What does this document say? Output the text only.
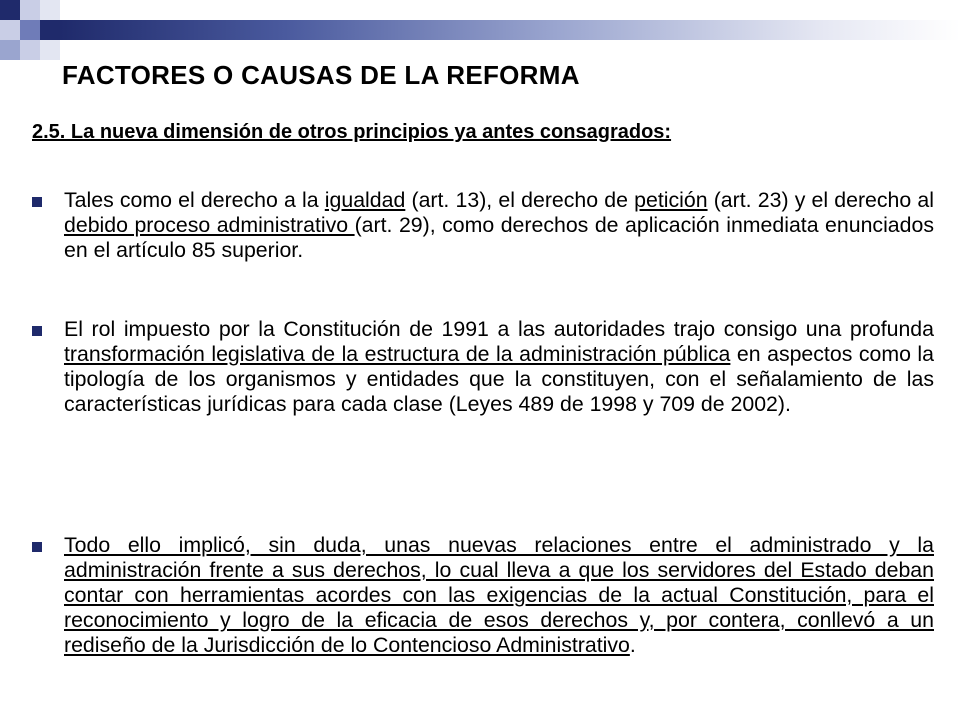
FACTORES O CAUSAS DE LA REFORMA
2.5. La nueva dimensión de otros principios ya antes consagrados:
Tales como el derecho a la igualdad (art. 13), el derecho de petición (art. 23) y el derecho al debido proceso administrativo (art. 29), como derechos de aplicación inmediata enunciados en el artículo 85 superior.
El rol impuesto por la Constitución de 1991 a las autoridades trajo consigo una profunda transformación legislativa de la estructura de la administración pública en aspectos como la tipología de los organismos y entidades que la constituyen, con el señalamiento de las características jurídicas para cada clase (Leyes 489 de 1998 y 709 de 2002).
Todo ello implicó, sin duda, unas nuevas relaciones entre el administrado y la administración frente a sus derechos, lo cual lleva a que los servidores del Estado deban contar con herramientas acordes con las exigencias de la actual Constitución, para el reconocimiento y logro de la eficacia de esos derechos y, por contera, conllevó a un rediseño de la Jurisdicción de lo Contencioso Administrativo.
